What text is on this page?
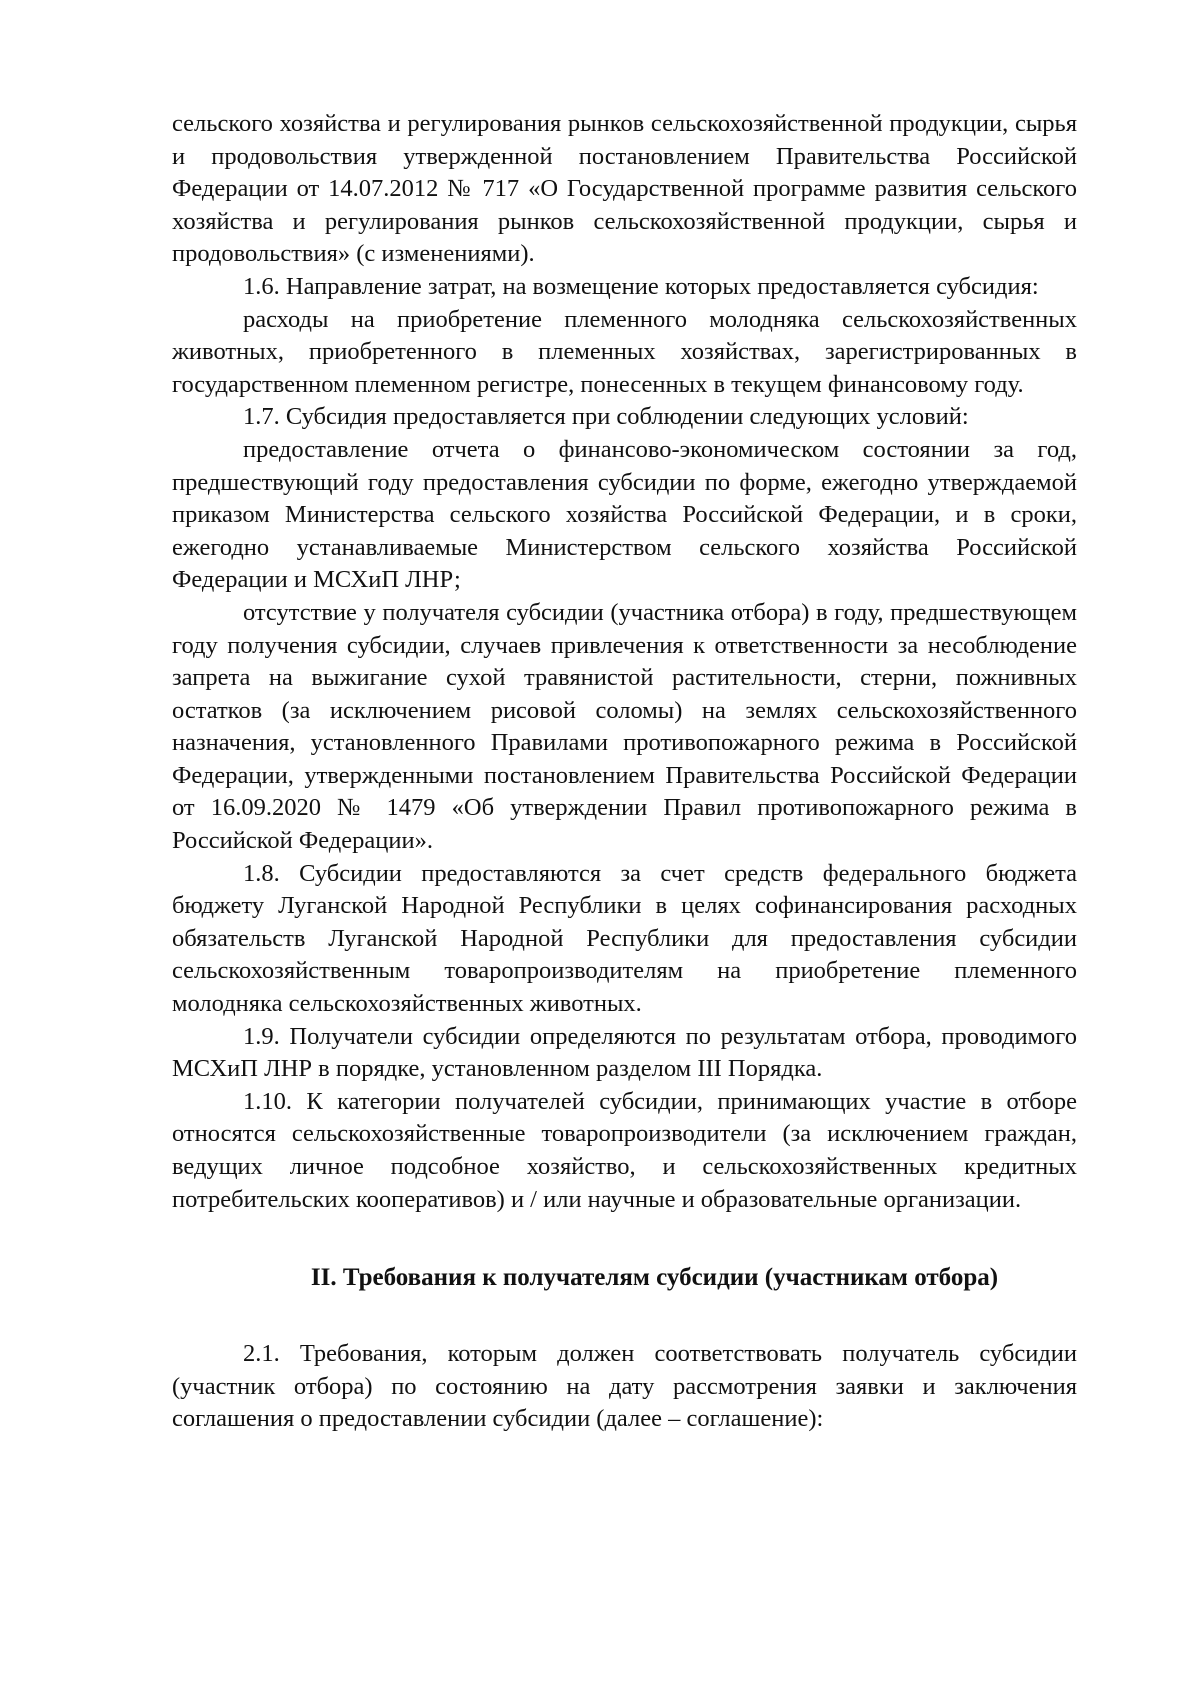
сельского хозяйства и регулирования рынков сельскохозяйственной продукции, сырья и продовольствия утвержденной постановлением Правительства Российской Федерации от 14.07.2012 № 717 «О Государственной программе развития сельского хозяйства и регулирования рынков сельскохозяйственной продукции, сырья и продовольствия» (с изменениями).

1.6. Направление затрат, на возмещение которых предоставляется субсидия:

расходы на приобретение племенного молодняка сельскохозяйственных животных, приобретенного в племенных хозяйствах, зарегистрированных в государственном племенном регистре, понесенных в текущем финансовому году.

1.7. Субсидия предоставляется при соблюдении следующих условий:

предоставление отчета о финансово-экономическом состоянии за год, предшествующий году предоставления субсидии по форме, ежегодно утверждаемой приказом Министерства сельского хозяйства Российской Федерации, и в сроки, ежегодно устанавливаемые Министерством сельского хозяйства Российской Федерации и МСХиП ЛНР;

отсутствие у получателя субсидии (участника отбора) в году, предшествующем году получения субсидии, случаев привлечения к ответственности за несоблюдение запрета на выжигание сухой травянистой растительности, стерни, пожнивных остатков (за исключением рисовой соломы) на землях сельскохозяйственного назначения, установленного Правилами противопожарного режима в Российской Федерации, утвержденными постановлением Правительства Российской Федерации от 16.09.2020 № 1479 «Об утверждении Правил противопожарного режима в Российской Федерации».

1.8. Субсидии предоставляются за счет средств федерального бюджета бюджету Луганской Народной Республики в целях софинансирования расходных обязательств Луганской Народной Республики для предоставления субсидии сельскохозяйственным товаропроизводителям на приобретение племенного молодняка сельскохозяйственных животных.

1.9. Получатели субсидии определяются по результатам отбора, проводимого МСХиП ЛНР в порядке, установленном разделом III Порядка.

1.10. К категории получателей субсидии, принимающих участие в отборе относятся сельскохозяйственные товаропроизводители (за исключением граждан, ведущих личное подсобное хозяйство, и сельскохозяйственных кредитных потребительских кооперативов) и / или научные и образовательные организации.

II. Требования к получателям субсидии (участникам отбора)

2.1. Требования, которым должен соответствовать получатель субсидии (участник отбора) по состоянию на дату рассмотрения заявки и заключения соглашения о предоставлении субсидии (далее – соглашение):
